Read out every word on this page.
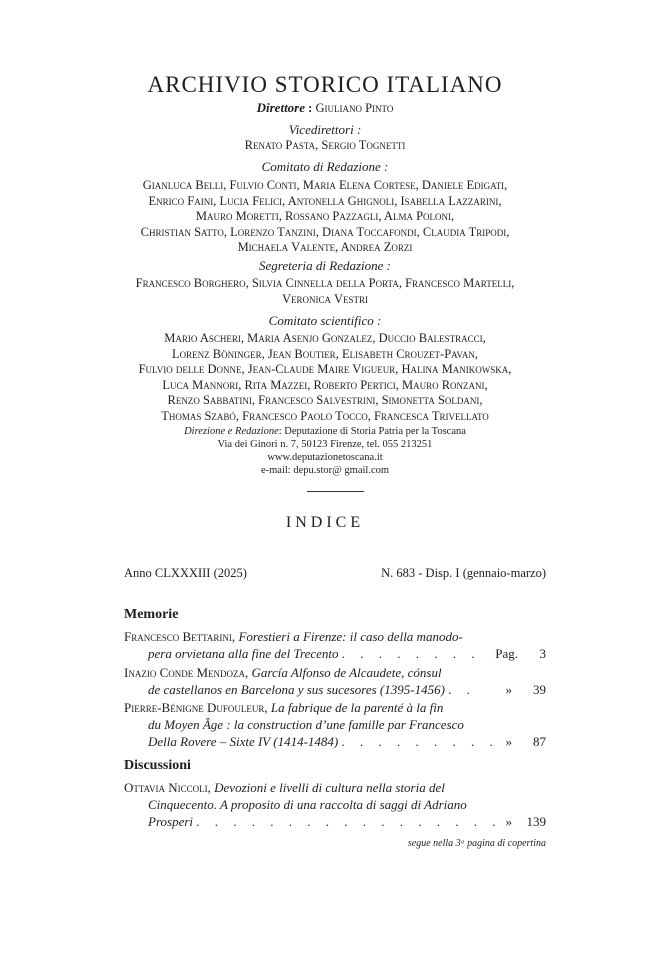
ARCHIVIO STORICO ITALIANO
Direttore : Giuliano Pinto
Vicedirettori :
Renato Pasta, Sergio Tognetti
Comitato di Redazione :
Gianluca Belli, Fulvio Conti, Maria Elena Cortese, Daniele Edigati,
Enrico Faini, Lucia Felici, Antonella Ghignoli, Isabella Lazzarini,
Mauro Moretti, Rossano Pazzagli, Alma Poloni,
Christian Satto, Lorenzo Tanzini, Diana Toccafondi, Claudia Tripodi,
Michaela Valente, Andrea Zorzi
Segreteria di Redazione :
Francesco Borghero, Silvia Cinnella della Porta, Francesco Martelli,
Veronica Vestri
Comitato scientifico :
Mario Ascheri, Maria Asenjo Gonzalez, Duccio Balestracci,
Lorenz Böninger, Jean Boutier, Elisabeth Crouzet-Pavan,
Fulvio delle Donne, Jean-Claude Maire Vigueur, Halina Manikowska,
Luca Mannori, Rita Mazzei, Roberto Pertici, Mauro Ronzani,
Renzo Sabbatini, Francesco Salvestrini, Simonetta Soldani,
Thomas Szabó, Francesco Paolo Tocco, Francesca Trivellato
Direzione e Redazione: Deputazione di Storia Patria per la Toscana
Via dei Ginori n. 7, 50123 Firenze, tel. 055 213251
www.deputazionetoscana.it
e-mail: depu.stor@ gmail.com
INDICE
Anno CLXXXIII (2025)	N. 683 - Disp. I (gennaio-marzo)
Memorie
Francesco Bettarini, Forestieri a Firenze: il caso della manodo-
pera orvietana alla fine del Trecento . . . . . . . . Pag. 3
Inazio Conde Mendoza, García Alfonso de Alcaudete, cónsul
de castellanos en Barcelona y sus sucesores (1395-1456) . . » 39
Pierre-Bénigne Dufouleur, La fabrique de la parenté à la fin
du Moyen Âge : la construction d’une famille par Francesco
Della Rovere – Sixte IV (1414-1484) . . . . . . . . . » 87
Discussioni
Ottavia Niccoli, Devozioni e livelli di cultura nella storia del
Cinquecento. A proposito di una raccolta di saggi di Adriano
Prosperi . . . . . . . . . . . . . . . . . » 139
segue nella 3ᵃ pagina di copertina
